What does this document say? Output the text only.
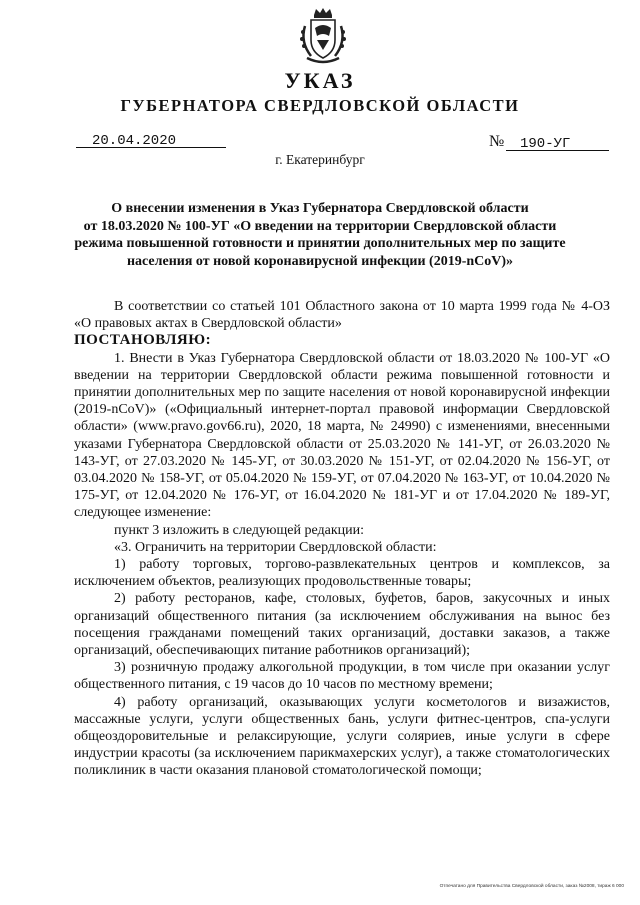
УКАЗ
ГУБЕРНАТОРА СВЕРДЛОВСКОЙ ОБЛАСТИ
20.04.2020	№ 190-УГ
г. Екатеринбург
О внесении изменения в Указ Губернатора Свердловской области
от 18.03.2020 № 100-УГ «О введении на территории Свердловской области
режима повышенной готовности и принятии дополнительных мер по защите
населения от новой коронавирусной инфекции (2019-nCoV)»

В соответствии со статьей 101 Областного закона от 10 марта 1999 года № 4-ОЗ «О правовых актах в Свердловской области»

ПОСТАНОВЛЯЮ:

1. Внести в Указ Губернатора Свердловской области от 18.03.2020 № 100-УГ «О введении на территории Свердловской области режима повышенной готовности и принятии дополнительных мер по защите населения от новой коронавирусной инфекции (2019-nCoV)» («Официальный интернет-портал правовой информации Свердловской области» (www.pravo.gov66.ru), 2020, 18 марта, № 24990) с изменениями, внесенными указами Губернатора Свердловской области от 25.03.2020 № 141-УГ, от 26.03.2020 № 143-УГ, от 27.03.2020 № 145-УГ, от 30.03.2020 № 151-УГ, от 02.04.2020 № 156-УГ, от 03.04.2020 № 158-УГ, от 05.04.2020 № 159-УГ, от 07.04.2020 № 163-УГ, от 10.04.2020 № 175-УГ, от 12.04.2020 № 176-УГ, от 16.04.2020 № 181-УГ и от 17.04.2020 № 189-УГ, следующее изменение:

пункт 3 изложить в следующей редакции:

«3. Ограничить на территории Свердловской области:

1) работу торговых, торгово-развлекательных центров и комплексов, за исключением объектов, реализующих продовольственные товары;

2) работу ресторанов, кафе, столовых, буфетов, баров, закусочных и иных организаций общественного питания (за исключением обслуживания на вынос без посещения гражданами помещений таких организаций, доставки заказов, а также организаций, обеспечивающих питание работников организаций);

3) розничную продажу алкогольной продукции, в том числе при оказании услуг общественного питания, с 19 часов до 10 часов по местному времени;

4) работу организаций, оказывающих услуги косметологов и визажистов, массажные услуги, услуги общественных бань, услуги фитнес-центров, спа-услуги общеоздоровительные и релаксирующие, услуги соляриев, иные услуги в сфере индустрии красоты (за исключением парикмахерских услуг), а также стоматологических поликлиник в части оказания плановой стоматологической помощи;

Отпечатано для Правительства Свердловской области, заказ №2008, тираж 6 000
